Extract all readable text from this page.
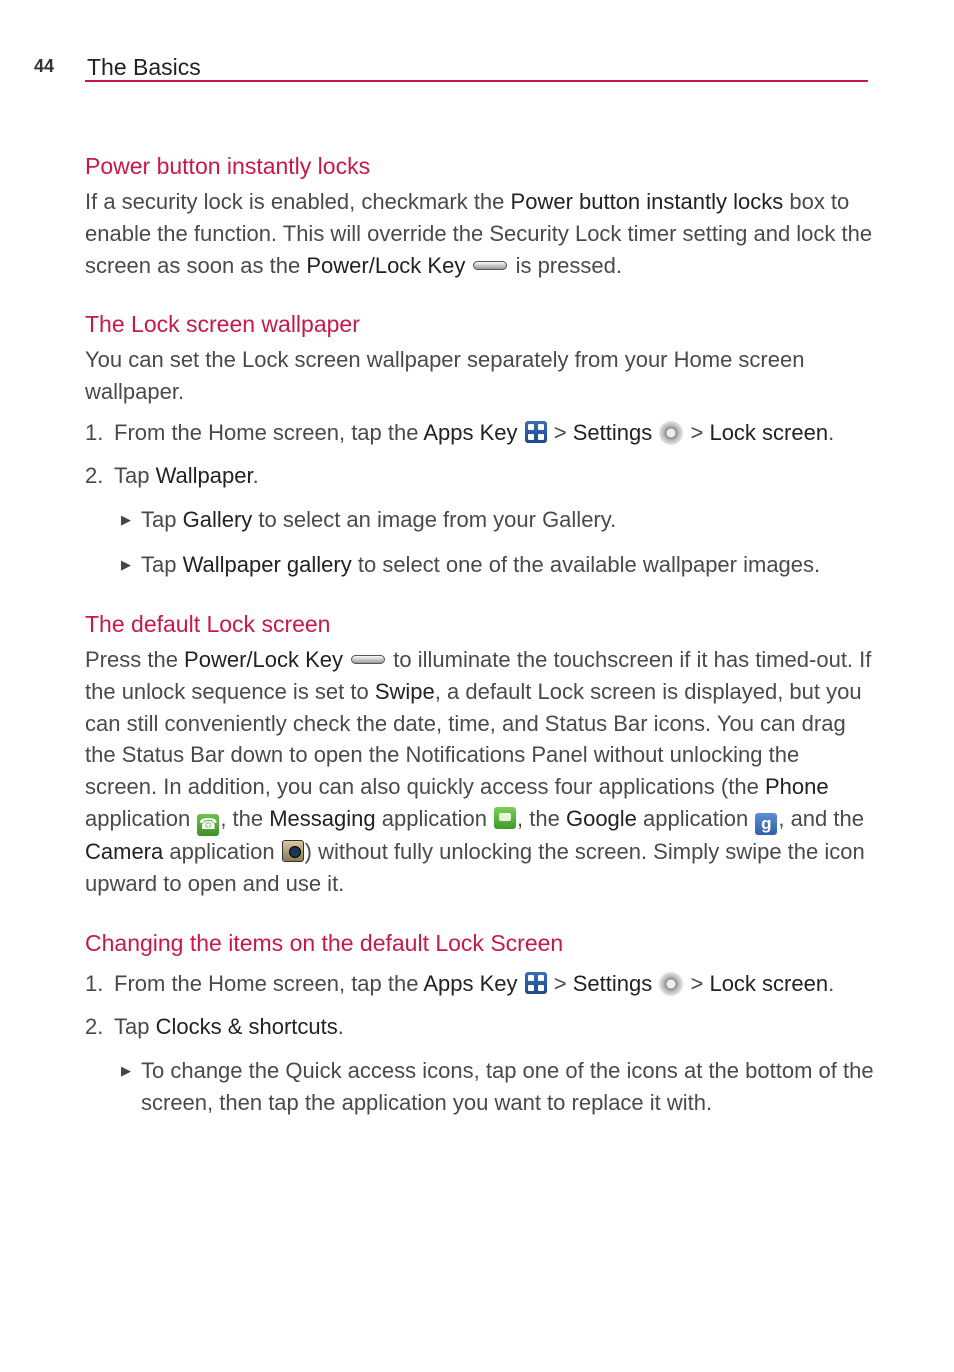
44 The Basics
Power button instantly locks

If a security lock is enabled, checkmark the Power button instantly locks box to enable the function. This will override the Security Lock timer setting and lock the screen as soon as the Power/Lock Key  is pressed.

The Lock screen wallpaper

You can set the Lock screen wallpaper separately from your Home screen wallpaper.

1. From the Home screen, tap the Apps Key
> Settings  > Lock screen.
2. Tap Wallpaper.
▶ Tap Gallery to select an image from your Gallery.
▶ Tap Wallpaper gallery to select one of the available wallpaper images.
The default Lock screen

Press the Power/Lock Key  to illuminate the touchscreen if it has timed-out. If the unlock sequence is set to Swipe, a default Lock screen is displayed, but you can still conveniently check the date, time, and Status Bar icons. You can drag the Status Bar down to open the Notifications Panel without unlocking the screen. In addition, you can also quickly access four applications (the Phone application ☎ , the Messaging application
, the Google application g , and the Camera application
) without fully unlocking the screen. Simply swipe the icon upward to open and use it.

Changing the items on the default Lock Screen
1. From the Home screen, tap the Apps Key
> Settings  > Lock screen.
2. Tap Clocks & shortcuts.
▶ To change the Quick access icons, tap one of the icons at the bottom of the screen, then tap the application you want to replace it with.
